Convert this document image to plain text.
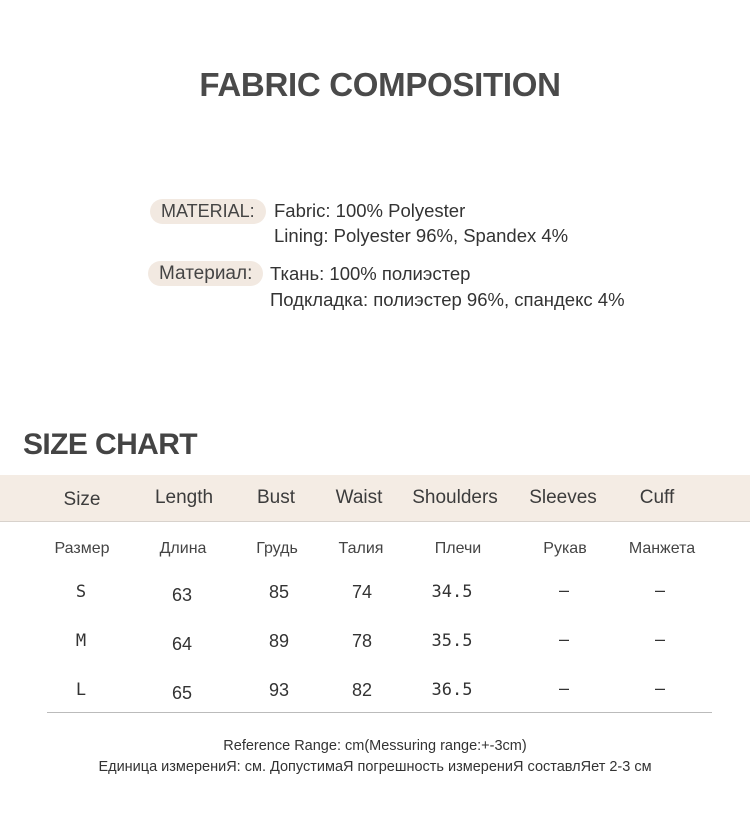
FABRIC COMPOSITION
MATERIAL:	Fabric: 100% Polyester
Lining: Polyester 96%, Spandex 4%
Материал: Ткань: 100% полиэстер
Подкладка: полиэстер 96%, спандекс 4%
SIZE CHART
Size	Length	Bust	Waist	Shoulders	Sleeves	Cuff
Размер	Длина	Грудь	Талия	Плечи	Рукав	Манжета
S	63	85	74	34.5	–	–
M	64	89	78	35.5	–	–
L	65	93	82	36.5	–	–
Reference Range: cm(Messuring range:+-3cm)
Единица измерениЯ: см. ДопустимаЯ погрешность измерениЯ составлЯет 2-3 см
